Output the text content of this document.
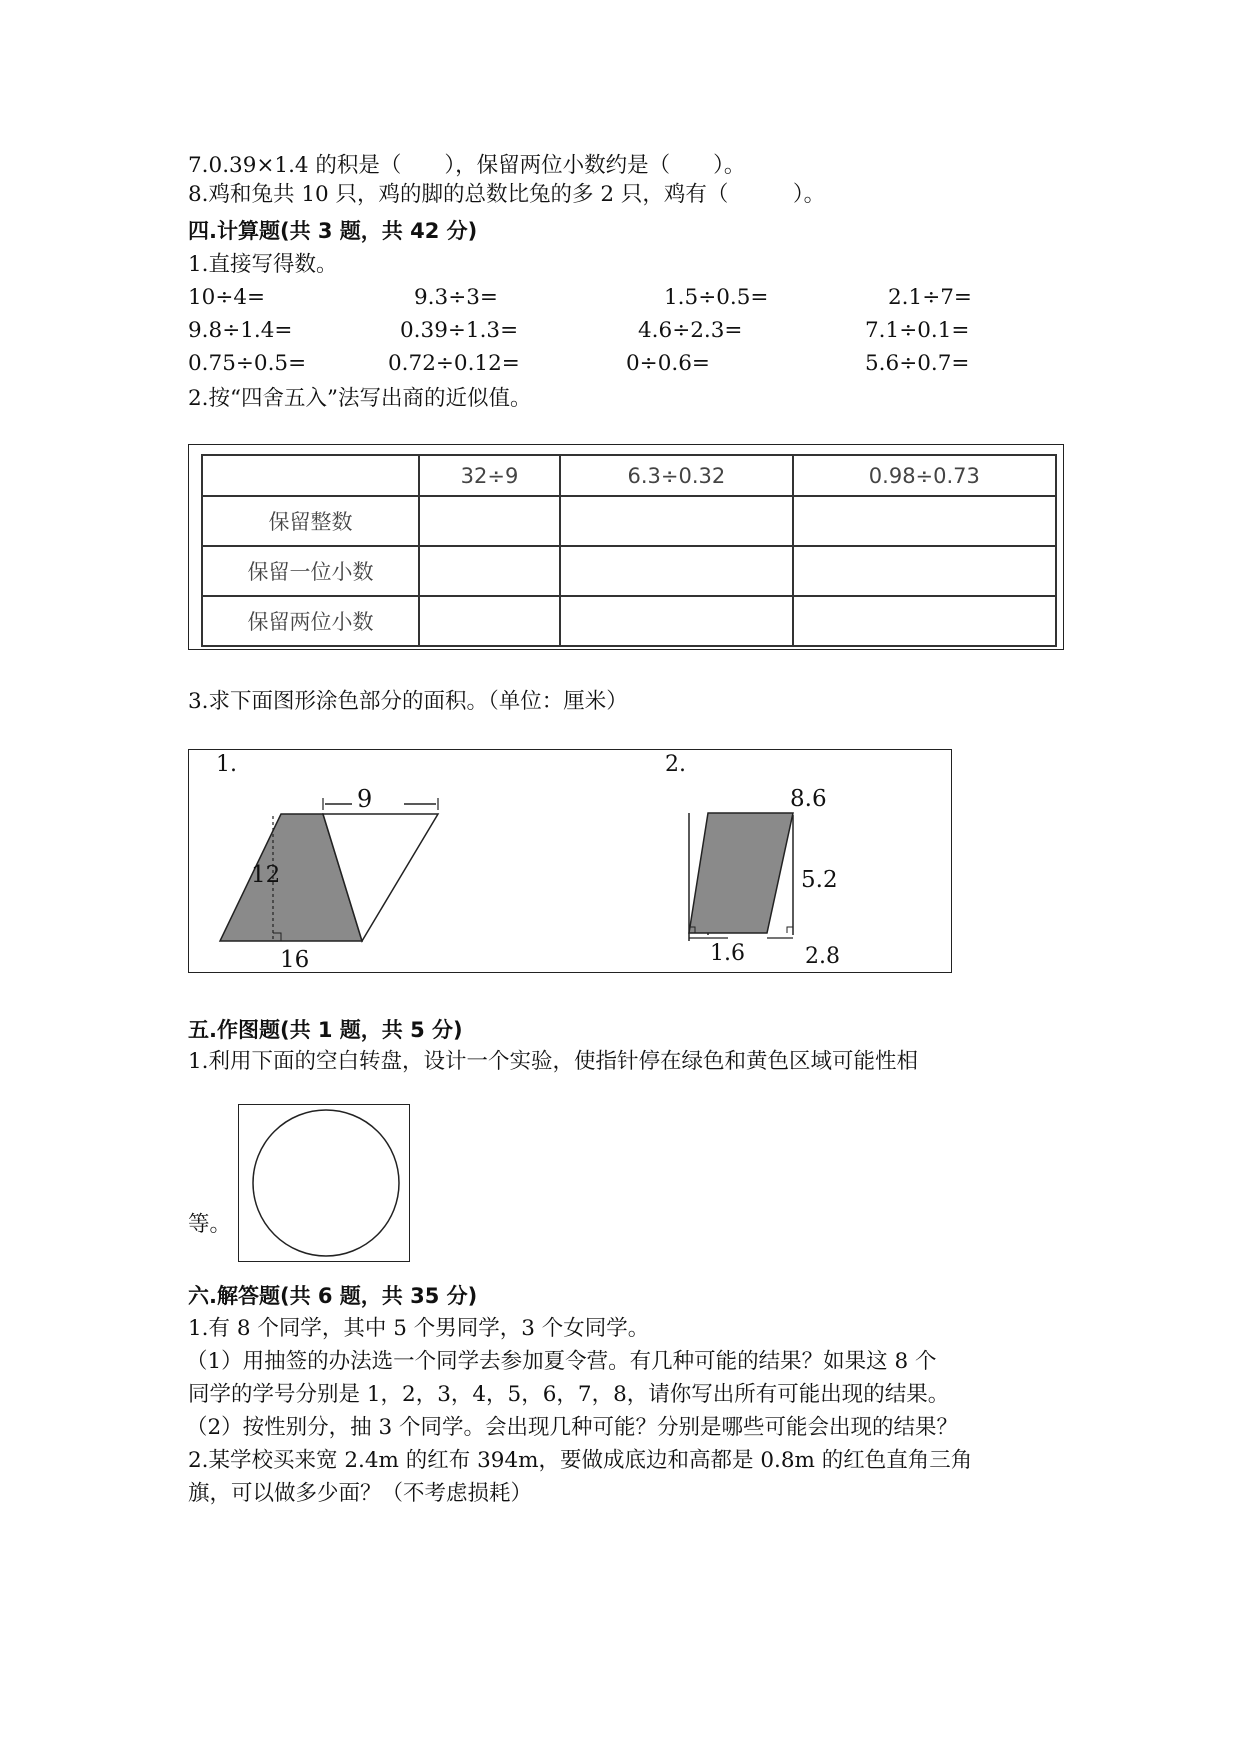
7.0.39×1.4 的积是（　　），保留两位小数约是（　　）。
8.鸡和兔共 10 只，鸡的脚的总数比兔的多 2 只，鸡有（　　　）。
四.计算题(共 3 题，共 42 分)
1.直接写得数。
10÷4=	9.3÷3=	1.5÷0.5=	2.1÷7=
9.8÷1.4=	0.39÷1.3=	4.6÷2.3=	7.1÷0.1=
0.75÷0.5=	0.72÷0.12=	0÷0.6=	5.6÷0.7=
2.按“四舍五入”法写出商的近似值。
	32÷9	6.3÷0.32	0.98÷0.73
保留整数			
保留一位小数			
保留两位小数			
3.求下面图形涂色部分的面积。（单位：厘米）
1.	2.
9
12
16
8.6
5.2
1.6	2.8
五.作图题(共 1 题，共 5 分)
1.利用下面的空白转盘，设计一个实验，使指针停在绿色和黄色区域可能性相
等。
六.解答题(共 6 题，共 35 分)
1.有 8 个同学，其中 5 个男同学，3 个女同学。
（1）用抽签的办法选一个同学去参加夏令营。有几种可能的结果？如果这 8 个
同学的学号分别是 1，2，3，4，5，6，7，8，请你写出所有可能出现的结果。
（2）按性别分，抽 3 个同学。会出现几种可能？分别是哪些可能会出现的结果？
2.某学校买来宽 2.4m 的红布 394m，要做成底边和高都是 0.8m 的红色直角三角
旗，可以做多少面？（不考虑损耗）
